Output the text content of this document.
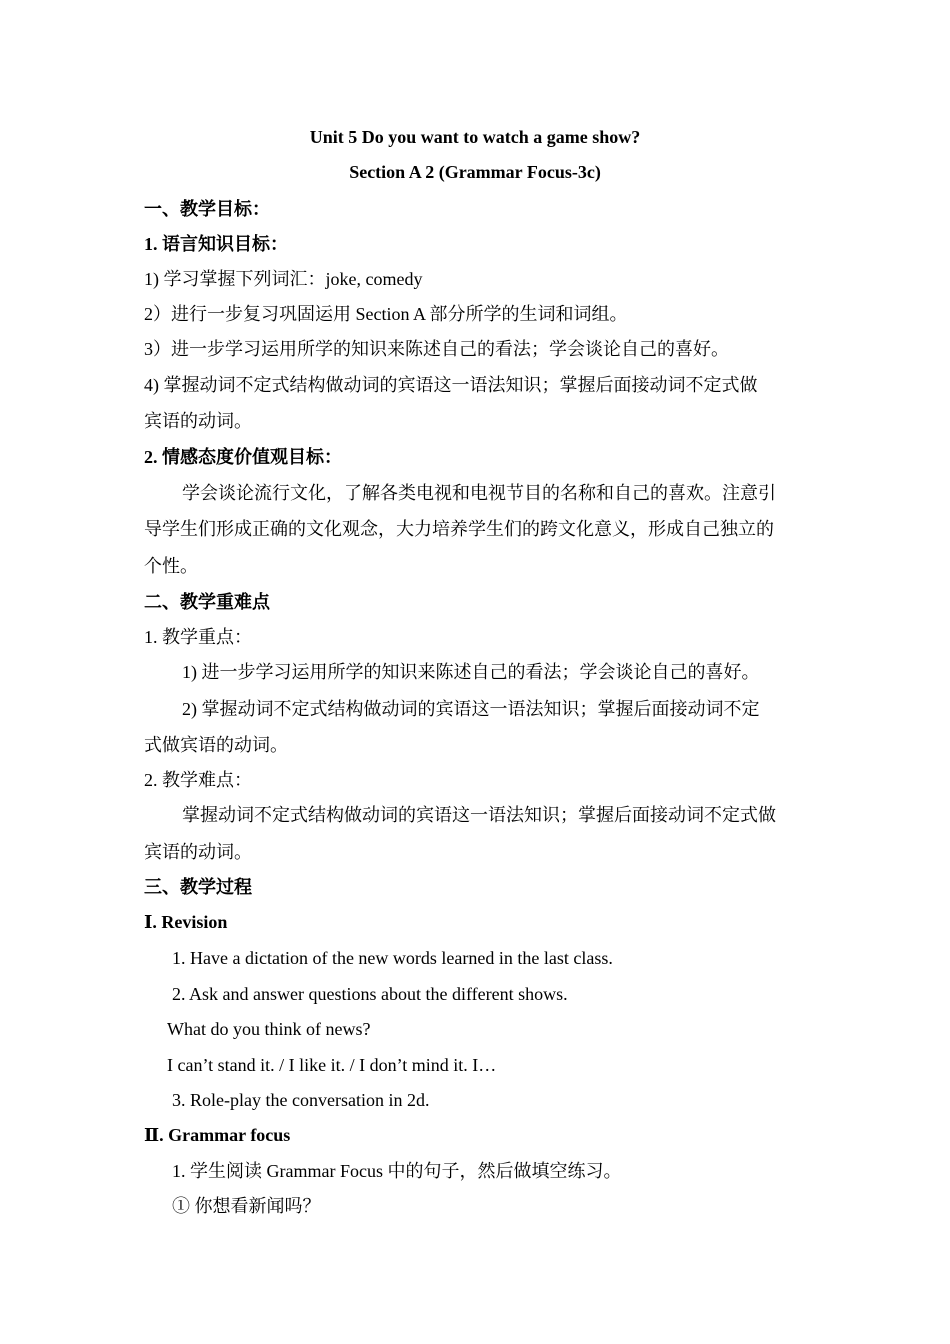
Unit 5 Do you want to watch a game show?
Section A 2 (Grammar Focus-3c)
一、教学目标：
1. 语言知识目标：
1) 学习掌握下列词汇：joke, comedy
2）进行一步复习巩固运用 Section A 部分所学的生词和词组。
3）进一步学习运用所学的知识来陈述自己的看法；学会谈论自己的喜好。
4) 掌握动词不定式结构做动词的宾语这一语法知识；掌握后面接动词不定式做
宾语的动词。
2. 情感态度价值观目标：
学会谈论流行文化，了解各类电视和电视节目的名称和自己的喜欢。注意引
导学生们形成正确的文化观念，大力培养学生们的跨文化意义，形成自己独立的
个性。
二、教学重难点
1. 教学重点：
1) 进一步学习运用所学的知识来陈述自己的看法；学会谈论自己的喜好。
2) 掌握动词不定式结构做动词的宾语这一语法知识；掌握后面接动词不定
式做宾语的动词。
2. 教学难点：
掌握动词不定式结构做动词的宾语这一语法知识；掌握后面接动词不定式做
宾语的动词。
三、教学过程
Ⅰ. Revision
1. Have a dictation of the new words learned in the last class.
2. Ask and answer questions about the different shows.
What do you think of news?
I can’t stand it. / I like it. / I don’t mind it. I…
3. Role-play the conversation in 2d.
Ⅱ. Grammar focus
1. 学生阅读 Grammar Focus 中的句子，然后做填空练习。
① 你想看新闻吗？
